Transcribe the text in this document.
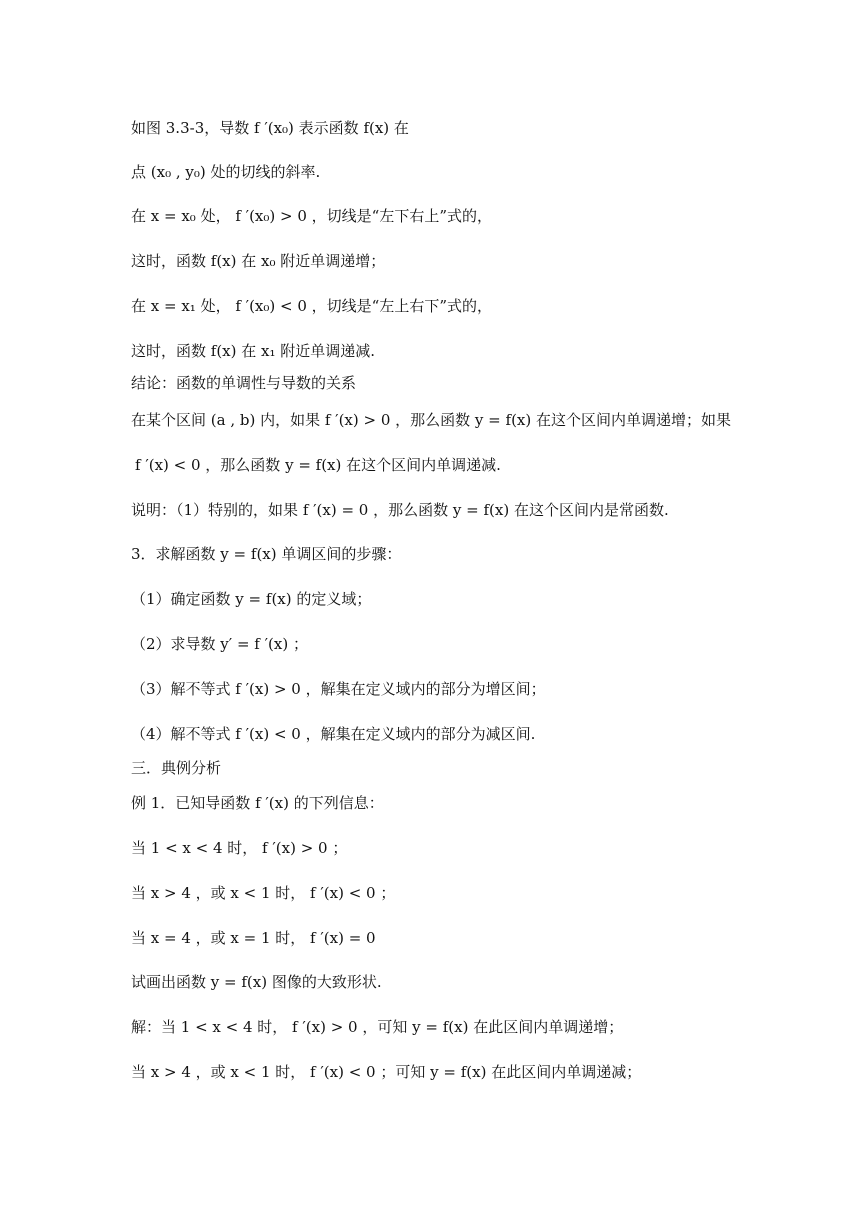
如图 3.3-3，导数 f ′(x₀) 表示函数 f(x) 在
点 (x₀ , y₀) 处的切线的斜率.
在 x = x₀ 处， f ′(x₀) > 0 ，切线是“左下右上”式的，
这时，函数 f(x) 在 x₀ 附近单调递增；
在 x = x₁ 处， f ′(x₀) < 0 ，切线是“左上右下”式的，
这时，函数 f(x) 在 x₁ 附近单调递减.
结论：函数的单调性与导数的关系
在某个区间 (a , b) 内，如果 f ′(x) > 0 ，那么函数 y = f(x) 在这个区间内单调递增；如果
f ′(x) < 0 ，那么函数 y = f(x) 在这个区间内单调递减.
说明：（1）特别的，如果 f ′(x) = 0 ，那么函数 y = f(x) 在这个区间内是常函数.
3．求解函数 y = f(x) 单调区间的步骤：
（1）确定函数 y = f(x) 的定义域；
（2）求导数 y′ = f ′(x) ；
（3）解不等式 f ′(x) > 0 ，解集在定义域内的部分为增区间；
（4）解不等式 f ′(x) < 0 ，解集在定义域内的部分为减区间.
三．典例分析
例 1．已知导函数 f ′(x) 的下列信息：
当 1 < x < 4 时， f ′(x) > 0 ；
当 x > 4 ，或 x < 1 时， f ′(x) < 0 ；
当 x = 4 ，或 x = 1 时， f ′(x) = 0
试画出函数 y = f(x) 图像的大致形状.
解：当 1 < x < 4 时， f ′(x) > 0 ，可知 y = f(x) 在此区间内单调递增；
当 x > 4 ，或 x < 1 时， f ′(x) < 0 ；可知 y = f(x) 在此区间内单调递减；
